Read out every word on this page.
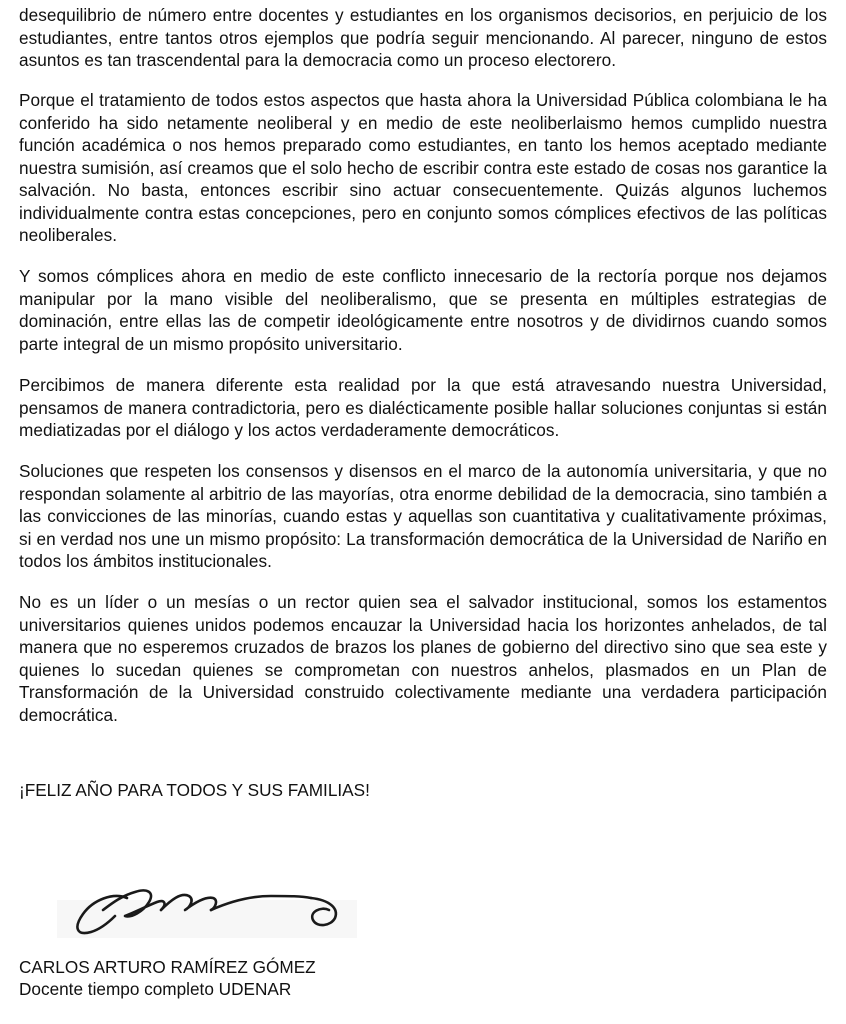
desequilibrio de número entre docentes y estudiantes en los organismos decisorios, en perjuicio de los estudiantes, entre tantos otros ejemplos que podría seguir mencionando. Al parecer, ninguno de estos asuntos es tan trascendental para la democracia como un proceso electorero.

Porque el tratamiento de todos estos aspectos que hasta ahora la Universidad Pública colombiana le ha conferido ha sido netamente neoliberal y en medio de este neoliberlaismo hemos cumplido nuestra función académica o nos hemos preparado como estudiantes, en tanto los hemos aceptado mediante nuestra sumisión, así creamos que el solo hecho de escribir contra este estado de cosas nos garantice la salvación. No basta, entonces escribir sino actuar consecuentemente. Quizás algunos luchemos individualmente contra estas concepciones, pero en conjunto somos cómplices efectivos de las políticas neoliberales.

Y somos cómplices ahora en medio de este conflicto innecesario de la rectoría porque nos dejamos manipular por la mano visible del neoliberalismo, que se presenta en múltiples estrategias de dominación, entre ellas las de competir ideológicamente entre nosotros y de dividirnos cuando somos parte integral de un mismo propósito universitario.

Percibimos de manera diferente esta realidad por la que está atravesando nuestra Universidad, pensamos de manera contradictoria, pero es dialécticamente posible hallar soluciones conjuntas si están mediatizadas por el diálogo y los actos verdaderamente democráticos.

Soluciones que respeten los consensos y disensos en el marco de la autonomía universitaria, y que no respondan solamente al arbitrio de las mayorías, otra enorme debilidad de la democracia, sino también a las convicciones de las minorías, cuando estas y aquellas son cuantitativa y cualitativamente próximas, si en verdad nos une un mismo propósito: La transformación democrática de la Universidad de Nariño en todos los ámbitos institucionales.

No es un líder o un mesías o un rector quien sea el salvador institucional, somos los estamentos universitarios quienes unidos podemos encauzar la Universidad hacia los horizontes anhelados, de tal manera que no esperemos cruzados de brazos los planes de gobierno del directivo sino que sea este y quienes lo sucedan quienes se comprometan con nuestros anhelos, plasmados en un Plan de Transformación de la Universidad construido colectivamente mediante una verdadera participación democrática.

¡FELIZ AÑO PARA TODOS Y SUS FAMILIAS!

CARLOS ARTURO RAMÍREZ GÓMEZ

Docente tiempo completo UDENAR
